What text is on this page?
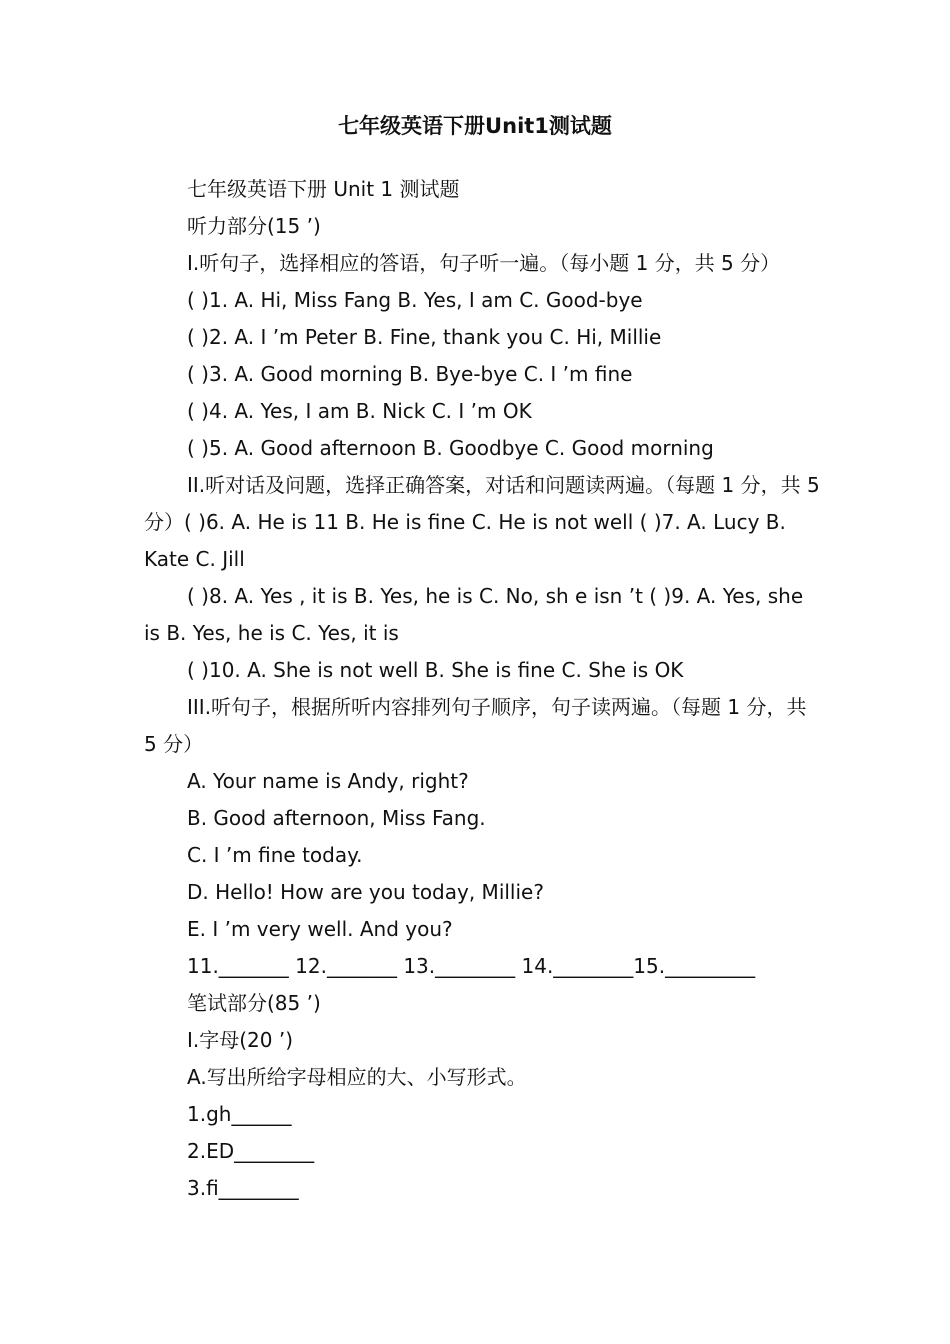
七年级英语下册Unit1测试题

七年级英语下册 Unit 1 测试题

听力部分(15 ’)

I.听句子，选择相应的答语，句子听一遍。（每小题 1 分，共 5 分）

( )1. A. Hi, Miss Fang B. Yes, I am C. Good-bye

( )2. A. I ’m Peter B. Fine, thank you C. Hi, Millie

( )3. A. Good morning B. Bye-bye C. I ’m fine

( )4. A. Yes, I am B. Nick C. I ’m OK

( )5. A. Good afternoon B. Goodbye C. Good morning

II.听对话及问题，选择正确答案，对话和问题读两遍。（每题 1 分，共 5 分）( )6. A. He is 11 B. He is fine C. He is not well ( )7. A. Lucy B. Kate C. Jill

( )8. A. Yes , it is B. Yes, he is C. No, sh e isn ’t ( )9. A. Yes, she is B. Yes, he is C. Yes, it is

( )10. A. She is not well B. She is fine C. She is OK

III.听句子，根据所听内容排列句子顺序，句子读两遍。（每题 1 分，共 5 分）

A. Your name is Andy, right?

B. Good afternoon, Miss Fang.

C. I ’m fine today.

D. Hello! How are you today, Millie?

E. I ’m very well. And you?

11._______ 12._______ 13.________ 14.________15._________

笔试部分(85 ’)

I.字母(20 ’)

A.写出所给字母相应的大、小写形式。

1.gh______

2.ED________

3.fi________
